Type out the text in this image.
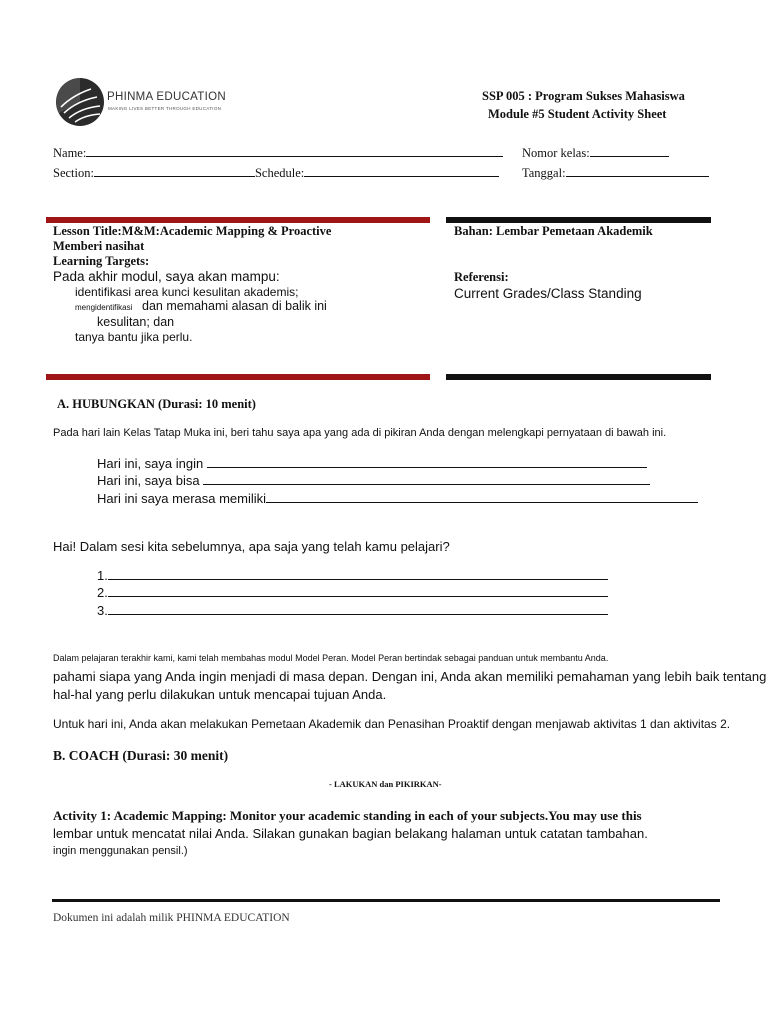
PHINMA EDUCATION
MAKING LIVES BETTER THROUGH EDUCATION
SSP 005 : Program Sukses Mahasiswa
Module #5 Student Activity Sheet
Name:	Nomor kelas:
Section:	Schedule:	Tanggal:
Lesson Title:M&M:Academic Mapping & Proactive
Memberi nasihat
Learning Targets:
Pada akhir modul, saya akan mampu:
identifikasi area kunci kesulitan akademis;
mengidentifikasi dan memahami alasan di balik ini
kesulitan; dan
tanya bantu jika perlu.
Bahan: Lembar Pemetaan Akademik
Referensi:
Current Grades/Class Standing
A. HUBUNGKAN (Durasi: 10 menit)
Pada hari lain Kelas Tatap Muka ini, beri tahu saya apa yang ada di pikiran Anda dengan melengkapi pernyataan di bawah ini.
Hari ini, saya ingin
Hari ini, saya bisa
Hari ini saya merasa memiliki
Hai! Dalam sesi kita sebelumnya, apa saja yang telah kamu pelajari?
1.
2.
3.
Dalam pelajaran terakhir kami, kami telah membahas modul Model Peran. Model Peran bertindak sebagai panduan untuk membantu Anda.
pahami siapa yang Anda ingin menjadi di masa depan. Dengan ini, Anda akan memiliki pemahaman yang lebih baik tentang
hal-hal yang perlu dilakukan untuk mencapai tujuan Anda.
Untuk hari ini, Anda akan melakukan Pemetaan Akademik dan Penasihan Proaktif dengan menjawab aktivitas 1 dan aktivitas 2.
B. COACH (Durasi: 30 menit)
- LAKUKAN dan PIKIRKAN-
Activity 1: Academic Mapping: Monitor your academic standing in each of your subjects.You may use this
lembar untuk mencatat nilai Anda. Silakan gunakan bagian belakang halaman untuk catatan tambahan.
ingin menggunakan pensil.)
Dokumen ini adalah milik PHINMA EDUCATION
